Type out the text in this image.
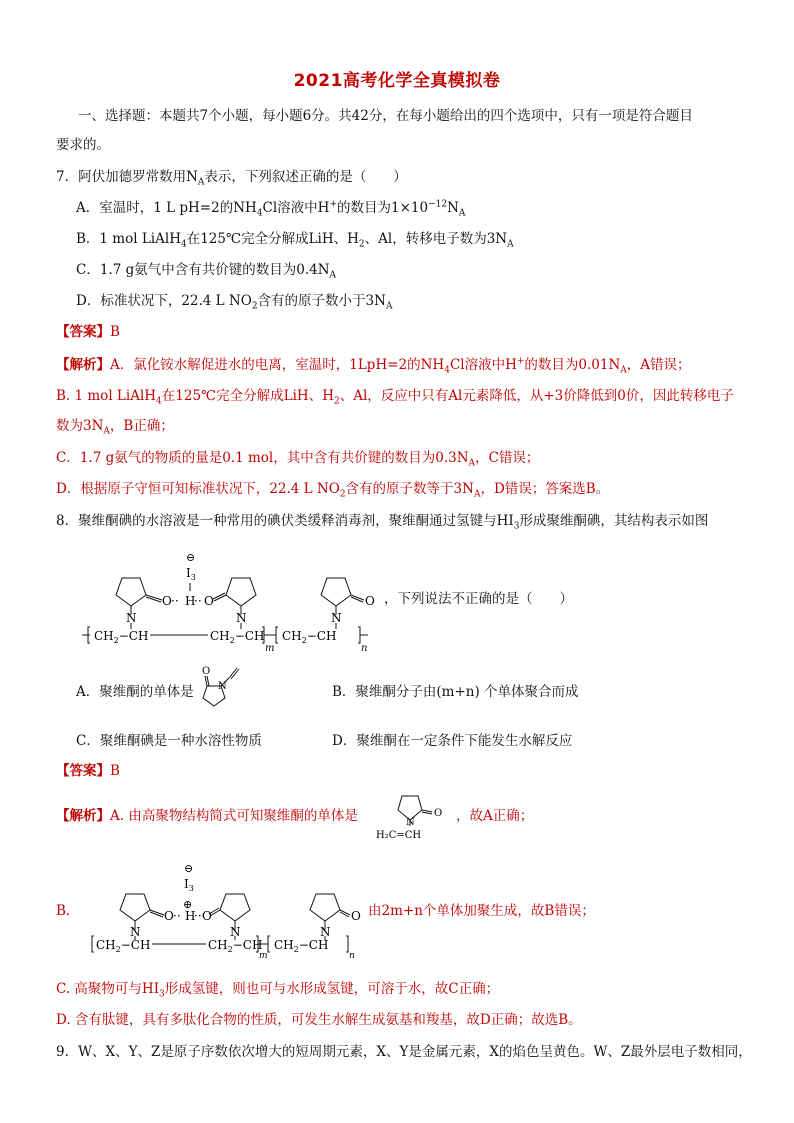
2021高考化学全真模拟卷
一、选择题：本题共7个小题，每小题6分。共42分，在每小题给出的四个选项中，只有一项是符合题目
要求的。
7．阿伏加德罗常数用$N_A$表示，下列叙述正确的是（　　）
A．室温时，1 L pH=2的$NH_4Cl$溶液中H+的数目为$1\times 10^{-12}N_A$
B．1 mol LiAlH$_4$在125℃完全分解成LiH、$H_2$、Al，转移电子数为$3N_A$
C．1.7 g氨气中含有共价键的数目为$0.4N_A$
D．标准状况下，22.4 L $NO_2$含有的原子数小于$3N_A$
【答案】B
【解析】A．氯化铵水解促进水的电离，室温时，1LpH=2的$NH_4Cl$溶液中H+的数目为$0.01N_A$，A错误；
B. 1 mol LiAlH$_4$在125℃完全分解成LiH、$H_2$、Al，反应中只有Al元素降低，从+3价降低到0价，因此转移电子
数为$3N_A$，B正确；
C．1.7 g氨气的物质的量是0.1 mol，其中含有共价键的数目为$0.3N_A$，C错误；
D．根据原子守恒可知标准状况下，22.4 L $NO_2$含有的原子数等于$3N_A$，D错误；答案选B。
8．聚维酮碘的水溶液是一种常用的碘伏类缓释消毒剂，聚维酮通过氢键与$HI_3$形成聚维酮碘，其结构表示如图
⊖
$I_3$
O ·· H
·· O
N	N	N
O
$CH_2-CH$	$CH_2-CH$ $CH_2-CH$
m	n
，下列说法不正确的是（　　）
A．聚维酮的单体是
O
N	B．聚维酮分子由(m+n) 个单体聚合而成
C．聚维酮碘是一种水溶性物质	D．聚维酮在一定条件下能发生水解反应
【答案】B
【解析】A. 由高聚物结构简式可知聚维酮的单体是	O
N
H₂C=CH
，故A正确；
B.
⊖
$I_3$
⊕
O ·· H
·· O
N	N	N
O
$CH_2-CH$	$CH_2-CH$ $CH_2-CH$
m	n
由2m+n个单体加聚生成，故B错误；
C. 高聚物可与$HI_3$形成氢键，则也可与水形成氢键，可溶于水，故C正确；
D. 含有肽键，具有多肽化合物的性质，可发生水解生成氨基和羧基，故D正确；故选B。
9．W、X、Y、Z是原子序数依次增大的短周期元素，X、Y是金属元素，X的焰色呈黄色。W、Z最外层电子数相同，
